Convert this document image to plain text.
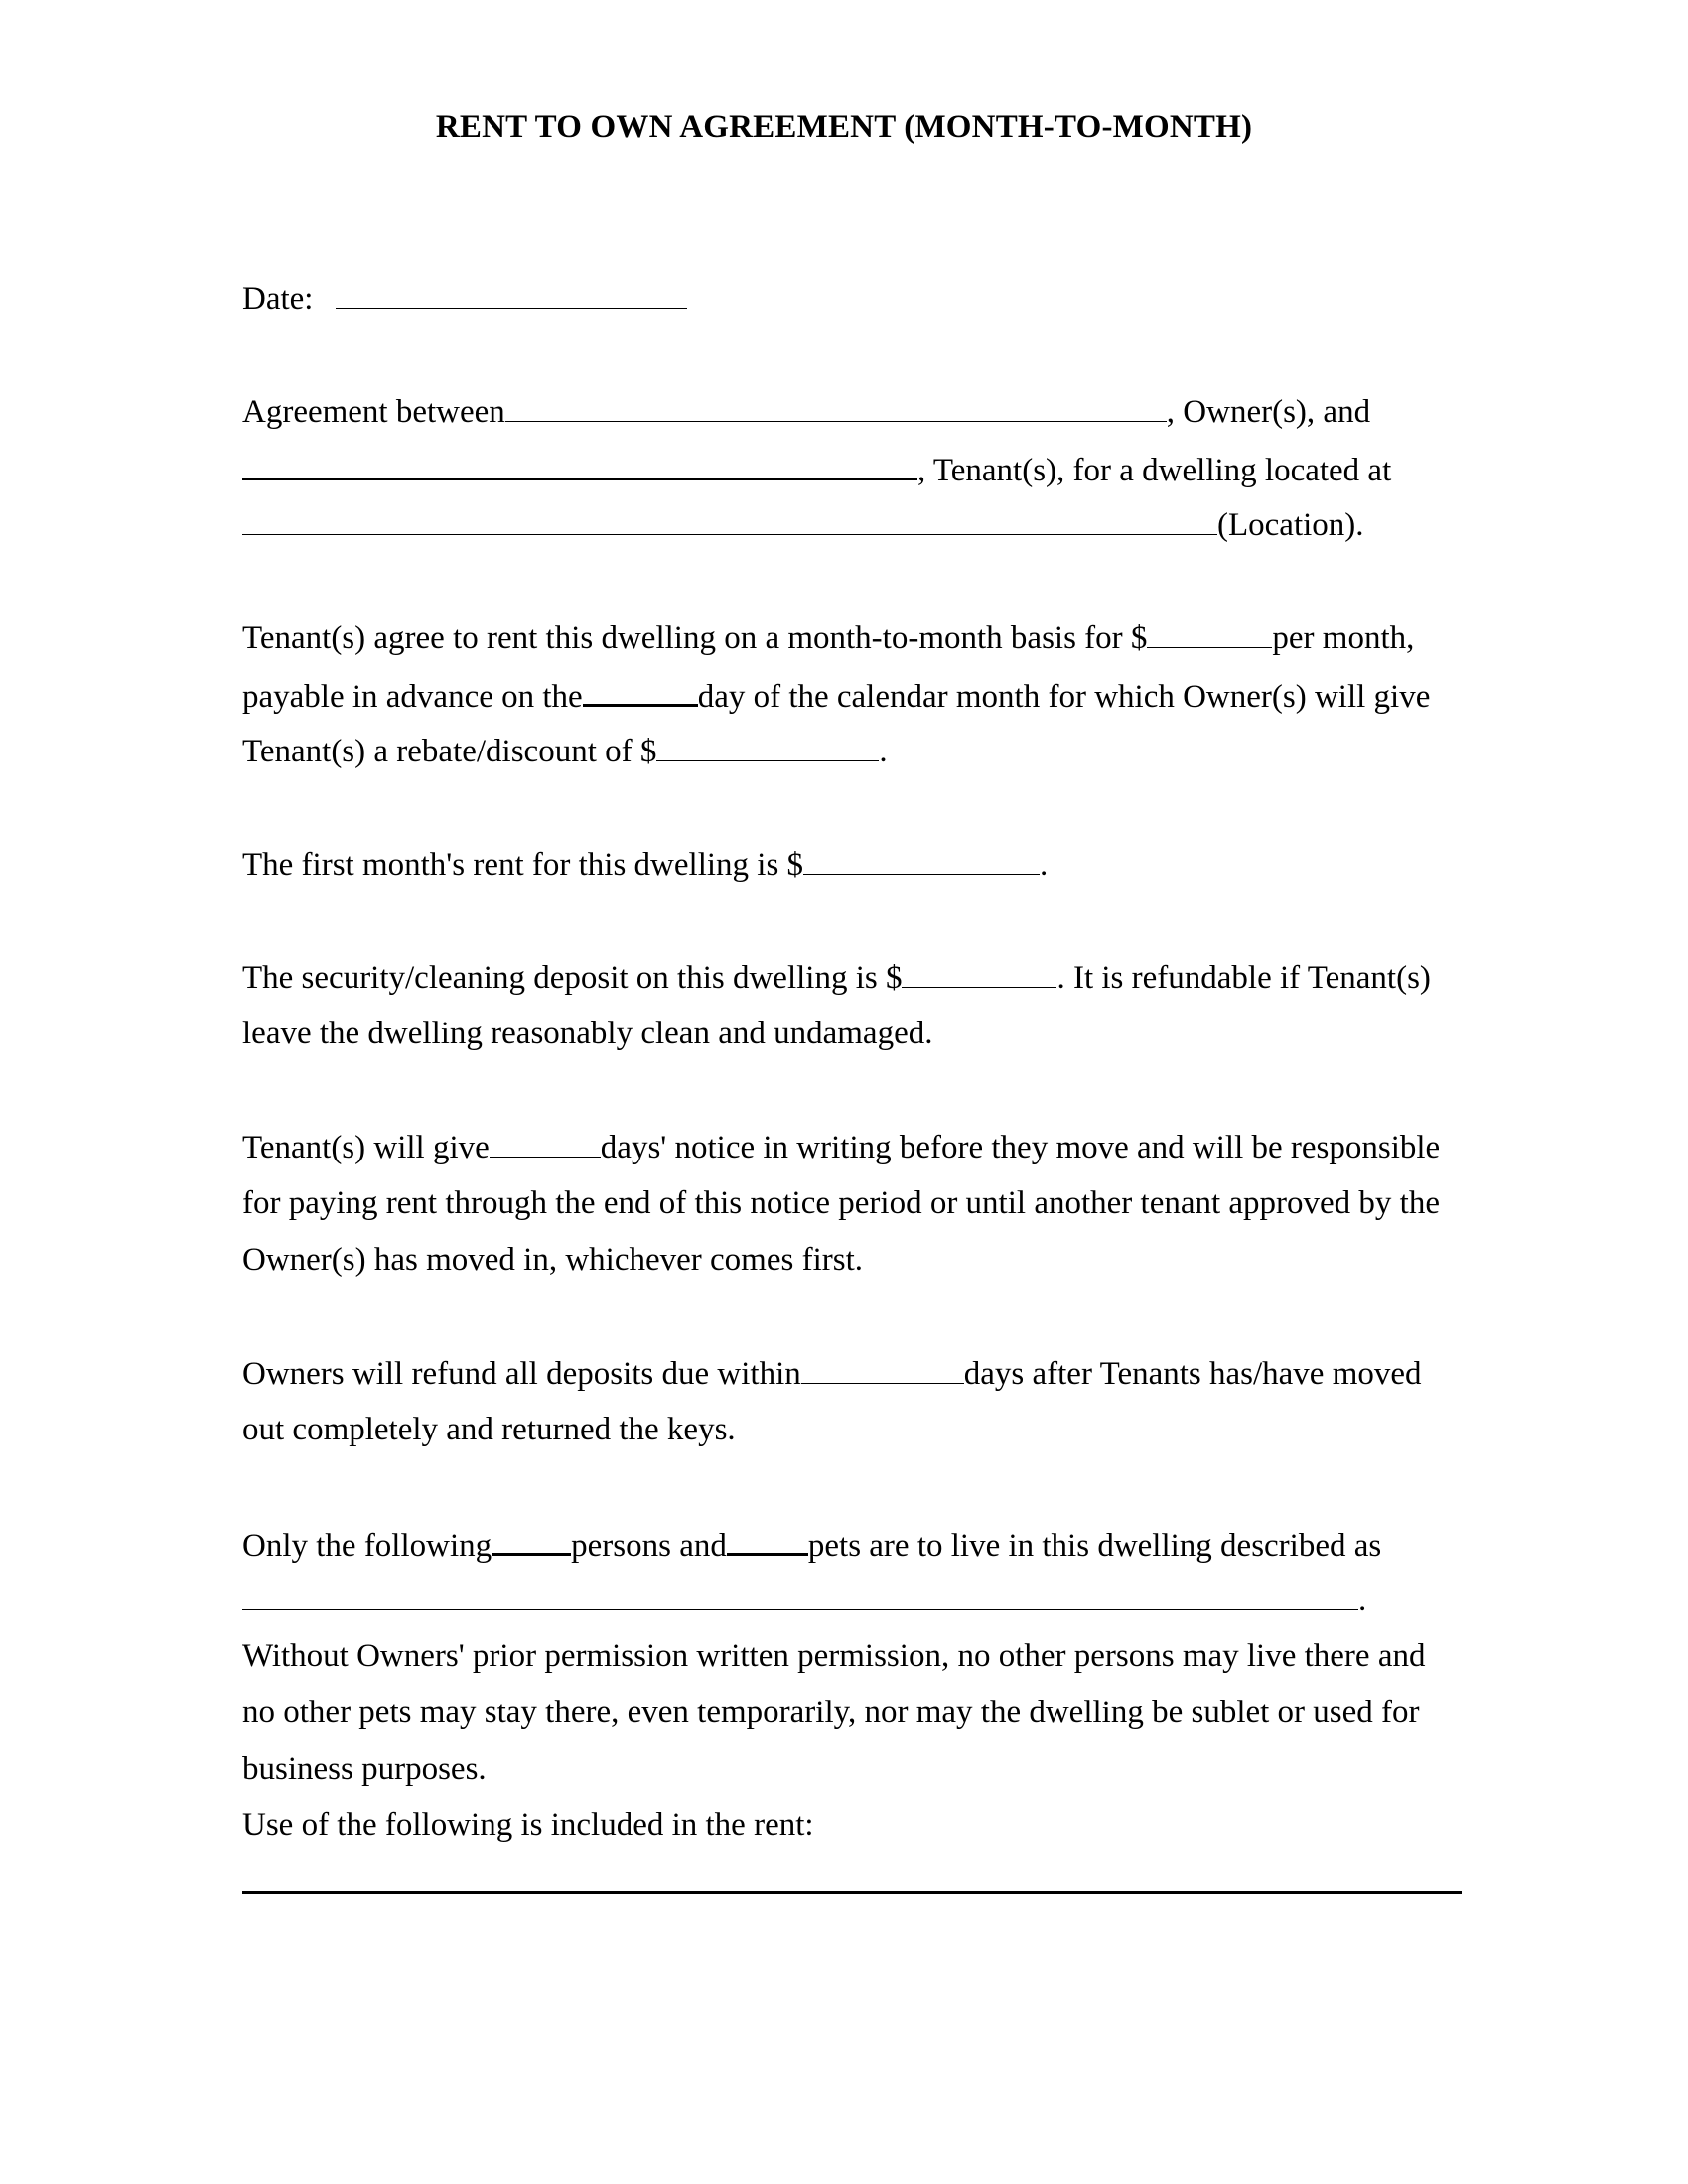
RENT TO OWN AGREEMENT (MONTH-TO-MONTH)
Date:
Agreement between	, Owner(s), and
, Tenant(s), for a dwelling located at
(Location).
Tenant(s) agree to rent this dwelling on a month-to-month basis for $	per month,
payable in advance on the	day of the calendar month for which Owner(s) will give
Tenant(s) a rebate/discount of $	.
The first month's rent for this dwelling is $	.
The security/cleaning deposit on this dwelling is $	. It is refundable if Tenant(s)
leave the dwelling reasonably clean and undamaged.
Tenant(s) will give	days' notice in writing before they move and will be responsible
for paying rent through the end of this notice period or until another tenant approved by the
Owner(s) has moved in, whichever comes first.
Owners will refund all deposits due within	days after Tenants has/have moved
out completely and returned the keys.
Only the following persons and pets are to live in this dwelling described as
.
Without Owners' prior permission written permission, no other persons may live there and
no other pets may stay there, even temporarily, nor may the dwelling be sublet or used for
business purposes.
Use of the following is included in the rent:
